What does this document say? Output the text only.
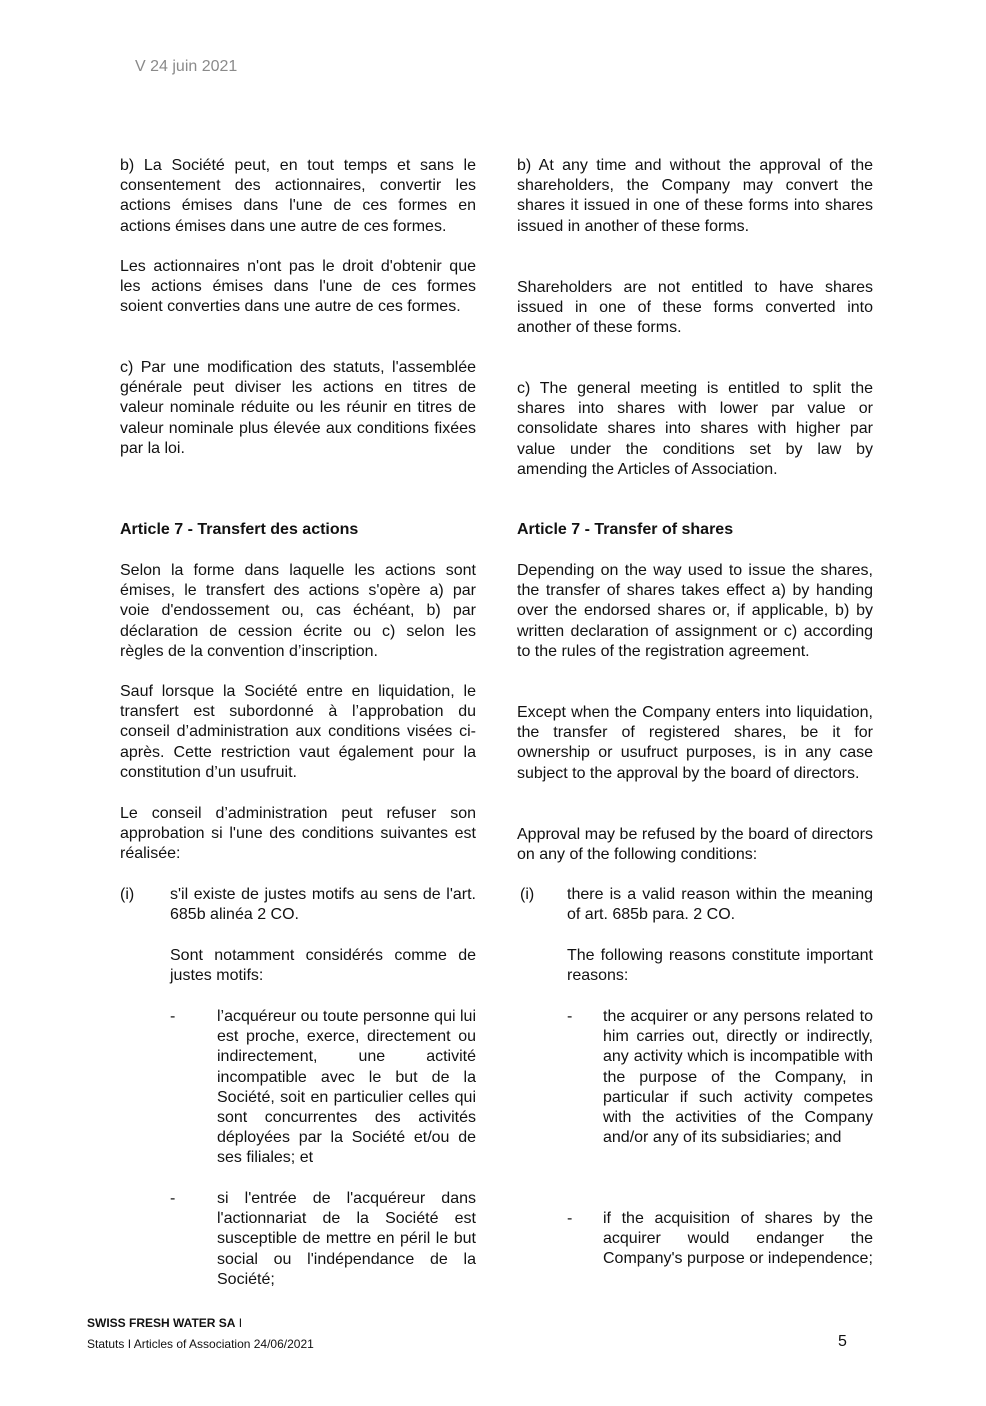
V 24 juin 2021

b) La Société peut, en tout temps et sans le consentement des actionnaires, convertir les actions émises dans l'une de ces formes en actions émises dans une autre de ces formes.

Les actionnaires n'ont pas le droit d'obtenir que les actions émises dans l'une de ces formes soient converties dans une autre de ces formes.

c) Par une modification des statuts, l'assemblée générale peut diviser les actions en titres de valeur nominale réduite ou les réunir en titres de valeur nominale plus élevée aux conditions fixées par la loi.

Article 7 - Transfert des actions

Selon la forme dans laquelle les actions sont émises, le transfert des actions s'opère a) par voie d'endossement ou, cas échéant, b) par déclaration de cession écrite ou c) selon les règles de la convention d’inscription.

Sauf lorsque la Société entre en liquidation, le transfert est subordonné à l’approbation du conseil d’administration aux conditions visées ci-après. Cette restriction vaut également pour la constitution d’un usufruit.

Le conseil d’administration peut refuser son approbation si l'une des conditions suivantes est réalisée:

(i) s'il existe de justes motifs au sens de l'art. 685b alinéa 2 CO.

Sont notamment considérés comme de justes motifs:

-	l’acquéreur ou toute personne qui lui est proche, exerce, directement ou indirectement, une activité incompatible avec le but de la Société, soit en particulier celles qui sont concurrentes des activités déployées par la Société et/ou de ses filiales; et

-	si l'entrée de l'acquéreur dans l'actionnariat de la Société est susceptible de mettre en péril le but social ou l'indépendance de la Société;

b) At any time and without the approval of the shareholders, the Company may convert the shares it issued in one of these forms into shares issued in another of these forms.

Shareholders are not entitled to have shares issued in one of these forms converted into another of these forms.

c) The general meeting is entitled to split the shares into shares with lower par value or consolidate shares into shares with higher par value under the conditions set by law by amending the Articles of Association.

Article 7 - Transfer of shares

Depending on the way used to issue the shares, the transfer of shares takes effect a) by handing over the endorsed shares or, if applicable, b) by written declaration of assignment or c) according to the rules of the registration agreement.

Except when the Company enters into liquidation, the transfer of registered shares, be it for ownership or usufruct purposes, is in any case subject to the approval by the board of directors.

Approval may be refused by the board of directors on any of the following conditions:

(i) there is a valid reason within the meaning of art. 685b para. 2 CO.

The following reasons constitute important reasons:

- the acquirer or any persons related to him carries out, directly or indirectly, any activity which is incompatible with the purpose of the Company, in particular if such activity competes with the activities of the Company and/or any of its subsidiaries; and

- if the acquisition of shares by the acquirer would endanger the Company's purpose or independence;

SWISS FRESH WATER SA I
Statuts I Articles of Association 24/06/2021	5
